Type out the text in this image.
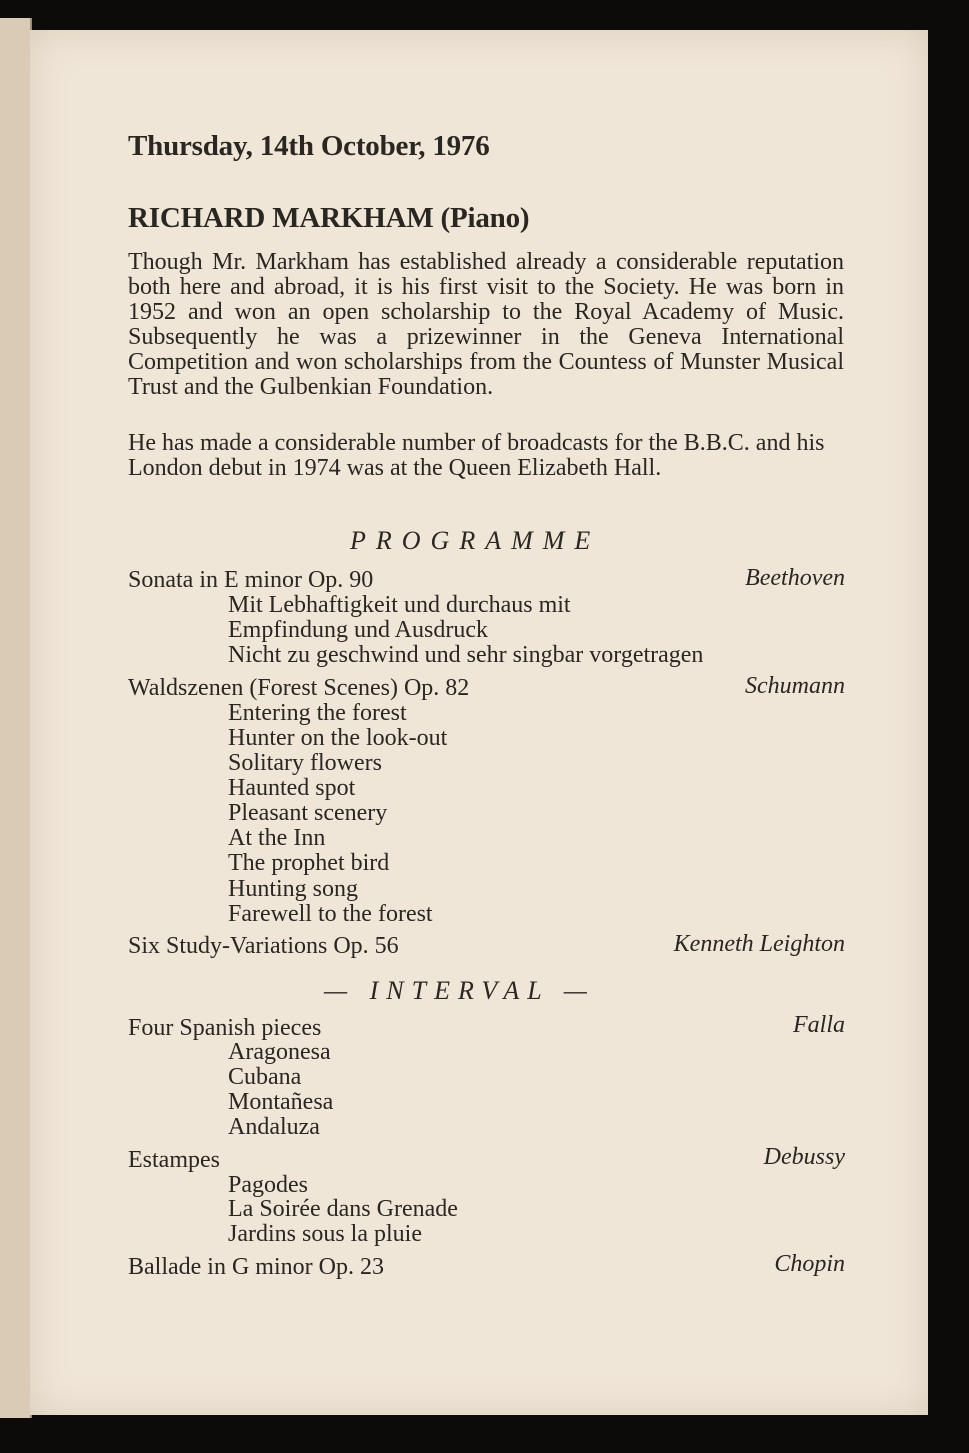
Thursday, 14th October, 1976
RICHARD MARKHAM (Piano)
Though Mr. Markham has established already a considerable reputation both here and abroad, it is his first visit to the Society. He was born in 1952 and won an open scholarship to the Royal Academy of Music. Subsequently he was a prizewinner in the Geneva International Competition and won scholarships from the Countess of Munster Musical Trust and the Gulbenkian Foundation.
He has made a considerable number of broadcasts for the B.B.C. and his London debut in 1974 was at the Queen Elizabeth Hall.
PROGRAMME
Sonata in E minor Op. 90	Beethoven
Mit Lebhaftigkeit und durchaus mit
Empfindung und Ausdruck
Nicht zu geschwind und sehr singbar vorgetragen
Waldszenen (Forest Scenes) Op. 82	Schumann
Entering the forest
Hunter on the look-out
Solitary flowers
Haunted spot
Pleasant scenery
At the Inn
The prophet bird
Hunting song
Farewell to the forest
Six Study-Variations Op. 56	Kenneth Leighton
— INTERVAL —
Four Spanish pieces	Falla
Aragonesa
Cubana
Montañesa
Andaluza
Estampes	Debussy
Pagodes
La Soirée dans Grenade
Jardins sous la pluie
Ballade in G minor Op. 23	Chopin
